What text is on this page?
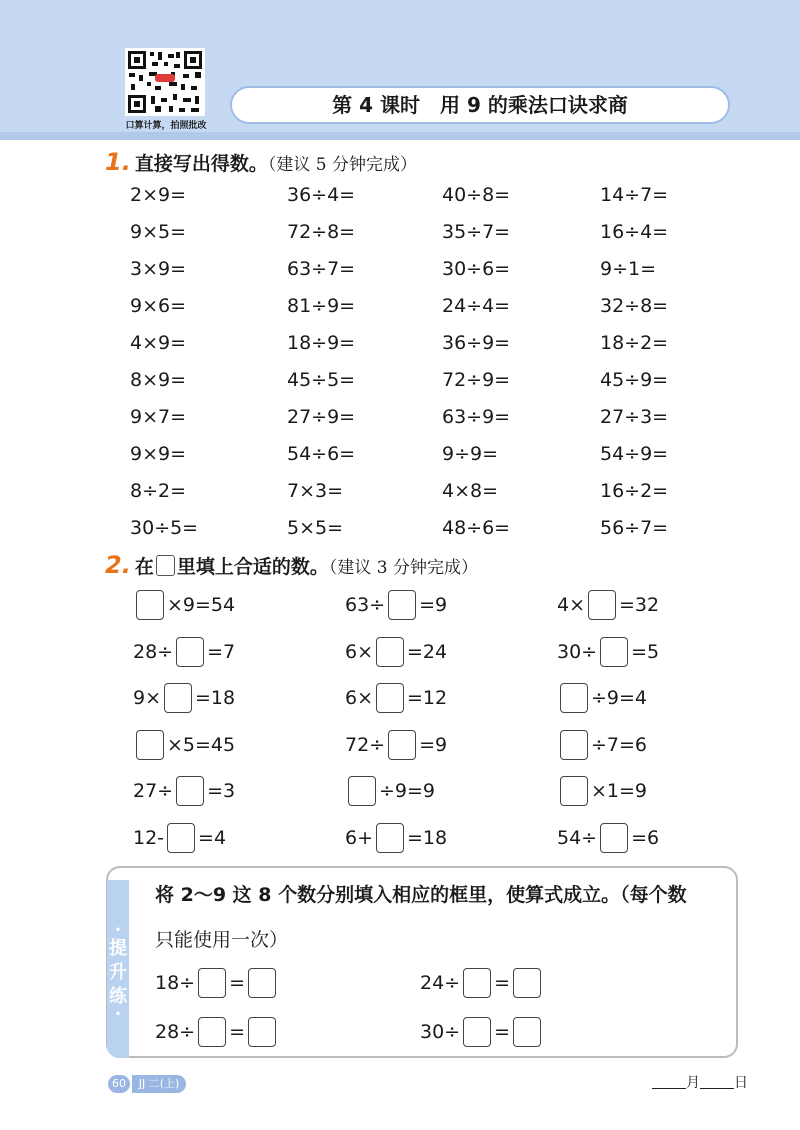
口算计算，拍照批改
第 4 课时　用 9 的乘法口诀求商
1. 直接写出得数。（建议 5 分钟完成）
2×9=	36÷4=	40÷8=	14÷7=
9×5=	72÷8=	35÷7=	16÷4=
3×9=	63÷7=	30÷6=	9÷1=
9×6=	81÷9=	24÷4=	32÷8=
4×9=	18÷9=	36÷9=	18÷2=
8×9=	45÷5=	72÷9=	45÷9=
9×7=	27÷9=	63÷9=	27÷3=
9×9=	54÷6=	9÷9=	54÷9=
8÷2=	7×3=	4×8=	16÷2=
30÷5=	5×5=	48÷6=	56÷7=
2. 在 里填上合适的数。（建议 3 分钟完成）
×9=54	63÷ =9	4× =32
28÷ =7	6× =24	30÷ =5
9× =18	6× =12	÷9=4
×5=45	72÷ =9	÷7=6
27÷ =3	÷9=9	×1=9
12- =4	6+ =18	54÷ =6
•
提
升
练
•
将 2～9 这 8 个数分别填入相应的框里，使算式成立。（每个数
只能使用一次）
18÷ =	24÷ =
28÷ =	30÷ =
60	JJ 二(上)	月 日
